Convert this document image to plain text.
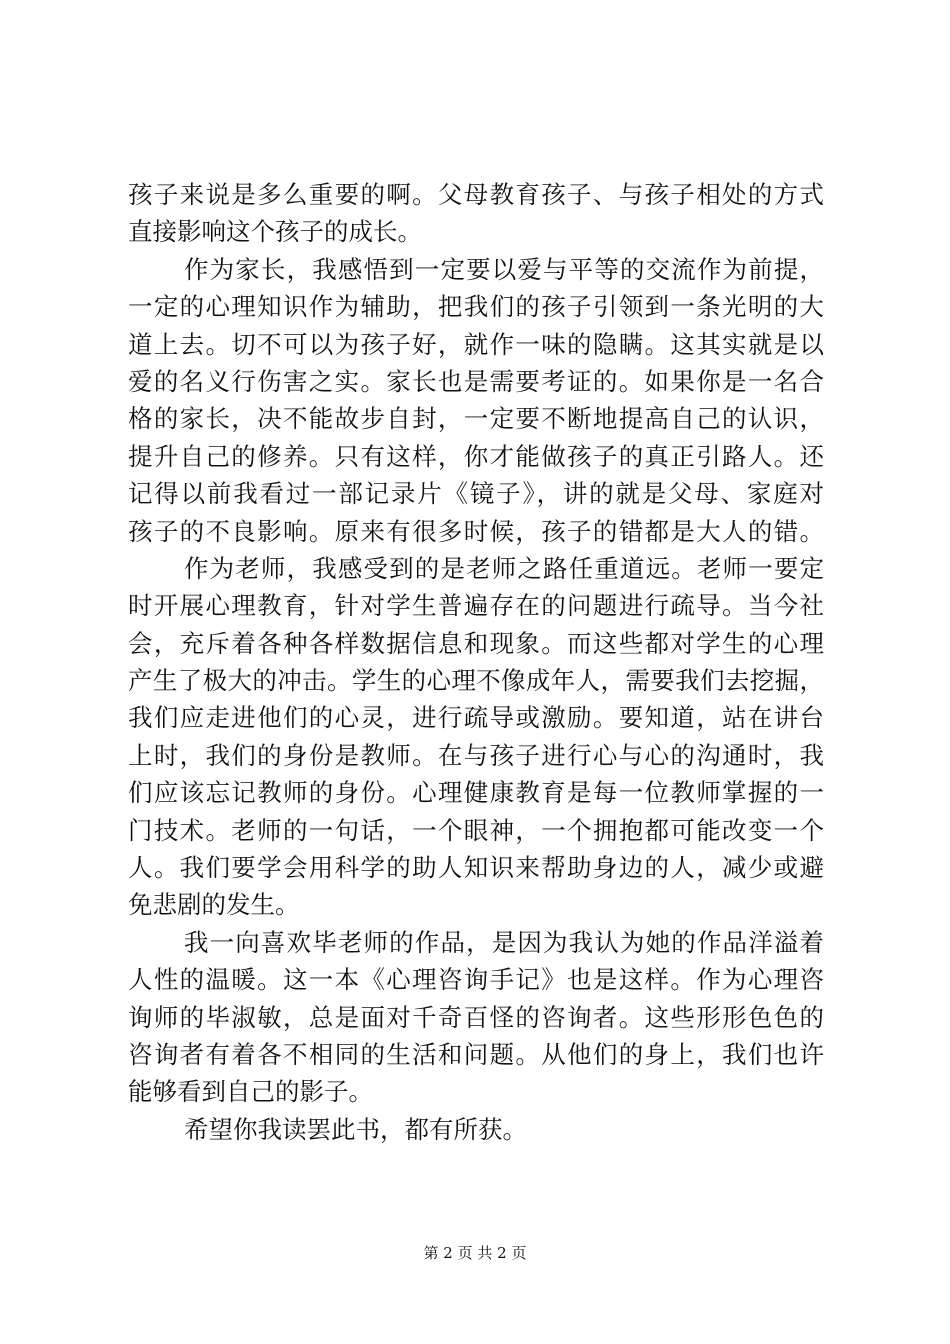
孩子来说是多么重要的啊。父母教育孩子、与孩子相处的方式
直接影响这个孩子的成长。
作为家长，我感悟到一定要以爱与平等的交流作为前提，
一定的心理知识作为辅助，把我们的孩子引领到一条光明的大
道上去。切不可以为孩子好，就作一味的隐瞒。这其实就是以
爱的名义行伤害之实。家长也是需要考证的。如果你是一名合
格的家长，决不能故步自封，一定要不断地提高自己的认识，
提升自己的修养。只有这样，你才能做孩子的真正引路人。还
记得以前我看过一部记录片《镜子》，讲的就是父母、家庭对
孩子的不良影响。原来有很多时候，孩子的错都是大人的错。
作为老师，我感受到的是老师之路任重道远。老师一要定
时开展心理教育，针对学生普遍存在的问题进行疏导。当今社
会，充斥着各种各样数据信息和现象。而这些都对学生的心理
产生了极大的冲击。学生的心理不像成年人，需要我们去挖掘，
我们应走进他们的心灵，进行疏导或激励。要知道，站在讲台
上时，我们的身份是教师。在与孩子进行心与心的沟通时，我
们应该忘记教师的身份。心理健康教育是每一位教师掌握的一
门技术。老师的一句话，一个眼神，一个拥抱都可能改变一个
人。我们要学会用科学的助人知识来帮助身边的人，减少或避
免悲剧的发生。
我一向喜欢毕老师的作品，是因为我认为她的作品洋溢着
人性的温暖。这一本《心理咨询手记》也是这样。作为心理咨
询师的毕淑敏，总是面对千奇百怪的咨询者。这些形形色色的
咨询者有着各不相同的生活和问题。从他们的身上，我们也许
能够看到自己的影子。
希望你我读罢此书，都有所获。
第 2 页 共 2 页
